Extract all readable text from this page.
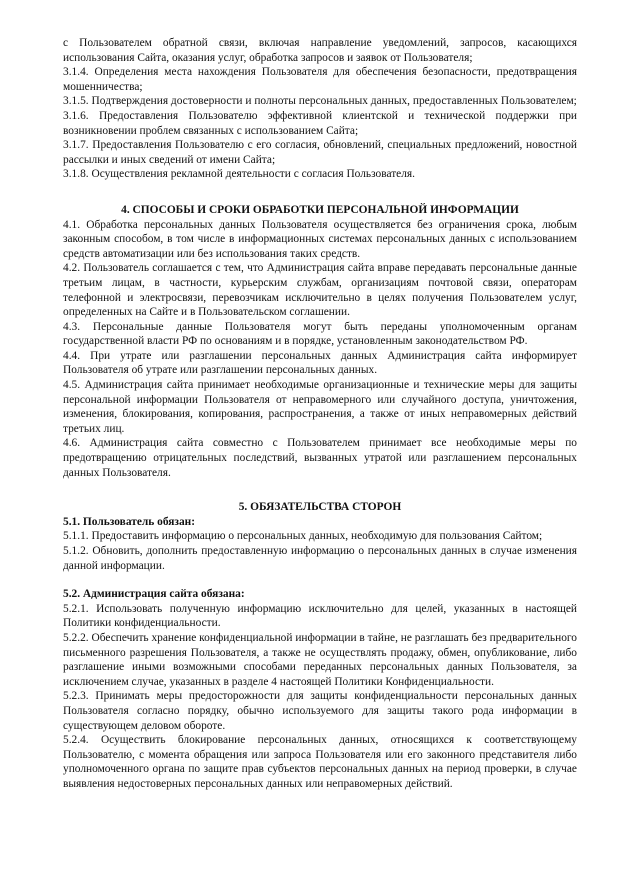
с Пользователем обратной связи, включая направление уведомлений, запросов, касающихся использования Сайта, оказания услуг, обработка запросов и заявок от Пользователя;

3.1.4. Определения места нахождения Пользователя для обеспечения безопасности, предотвращения мошенничества;

3.1.5. Подтверждения достоверности и полноты персональных данных, предоставленных Пользователем;

3.1.6. Предоставления Пользователю эффективной клиентской и технической поддержки при возникновении проблем связанных с использованием Сайта;

3.1.7. Предоставления Пользователю с его согласия, обновлений, специальных предложений, новостной рассылки и иных сведений от имени Сайта;

3.1.8. Осуществления рекламной деятельности с согласия Пользователя.

4. СПОСОБЫ И СРОКИ ОБРАБОТКИ ПЕРСОНАЛЬНОЙ ИНФОРМАЦИИ

4.1. Обработка персональных данных Пользователя осуществляется без ограничения срока, любым законным способом, в том числе в информационных системах персональных данных с использованием средств автоматизации или без использования таких средств.

4.2. Пользователь соглашается с тем, что Администрация сайта вправе передавать персональные данные третьим лицам, в частности, курьерским службам, организациям почтовой связи, операторам телефонной и электросвязи, перевозчикам исключительно в целях получения Пользователем услуг, определенных на Сайте и в Пользовательском соглашении.

4.3. Персональные данные Пользователя могут быть переданы уполномоченным органам государственной власти РФ по основаниям и в порядке, установленным законодательством РФ.

4.4. При утрате или разглашении персональных данных Администрация сайта информирует Пользователя об утрате или разглашении персональных данных.

4.5. Администрация сайта принимает необходимые организационные и технические меры для защиты персональной информации Пользователя от неправомерного или случайного доступа, уничтожения, изменения, блокирования, копирования, распространения, а также от иных неправомерных действий третьих лиц.

4.6. Администрация сайта совместно с Пользователем принимает все необходимые меры по предотвращению отрицательных последствий, вызванных утратой или разглашением персональных данных Пользователя.

5. ОБЯЗАТЕЛЬСТВА СТОРОН

5.1. Пользователь обязан:

5.1.1. Предоставить информацию о персональных данных, необходимую для пользования Сайтом;

5.1.2. Обновить, дополнить предоставленную информацию о персональных данных в случае изменения данной информации.

5.2. Администрация сайта обязана:

5.2.1. Использовать полученную информацию исключительно для целей, указанных в настоящей Политики конфиденциальности.

5.2.2. Обеспечить хранение конфиденциальной информации в тайне, не разглашать без предварительного письменного разрешения Пользователя, а также не осуществлять продажу, обмен, опубликование, либо разглашение иными возможными способами переданных персональных данных Пользователя, за исключением случае, указанных в разделе 4 настоящей Политики Конфиденциальности.

5.2.3. Принимать меры предосторожности для защиты конфиденциальности персональных данных Пользователя согласно порядку, обычно используемого для защиты такого рода информации в существующем деловом обороте.

5.2.4. Осуществить блокирование персональных данных, относящихся к соответствующему Пользователю, с момента обращения или запроса Пользователя или его законного представителя либо уполномоченного органа по защите прав субъектов персональных данных на период проверки, в случае выявления недостоверных персональных данных или неправомерных действий.
